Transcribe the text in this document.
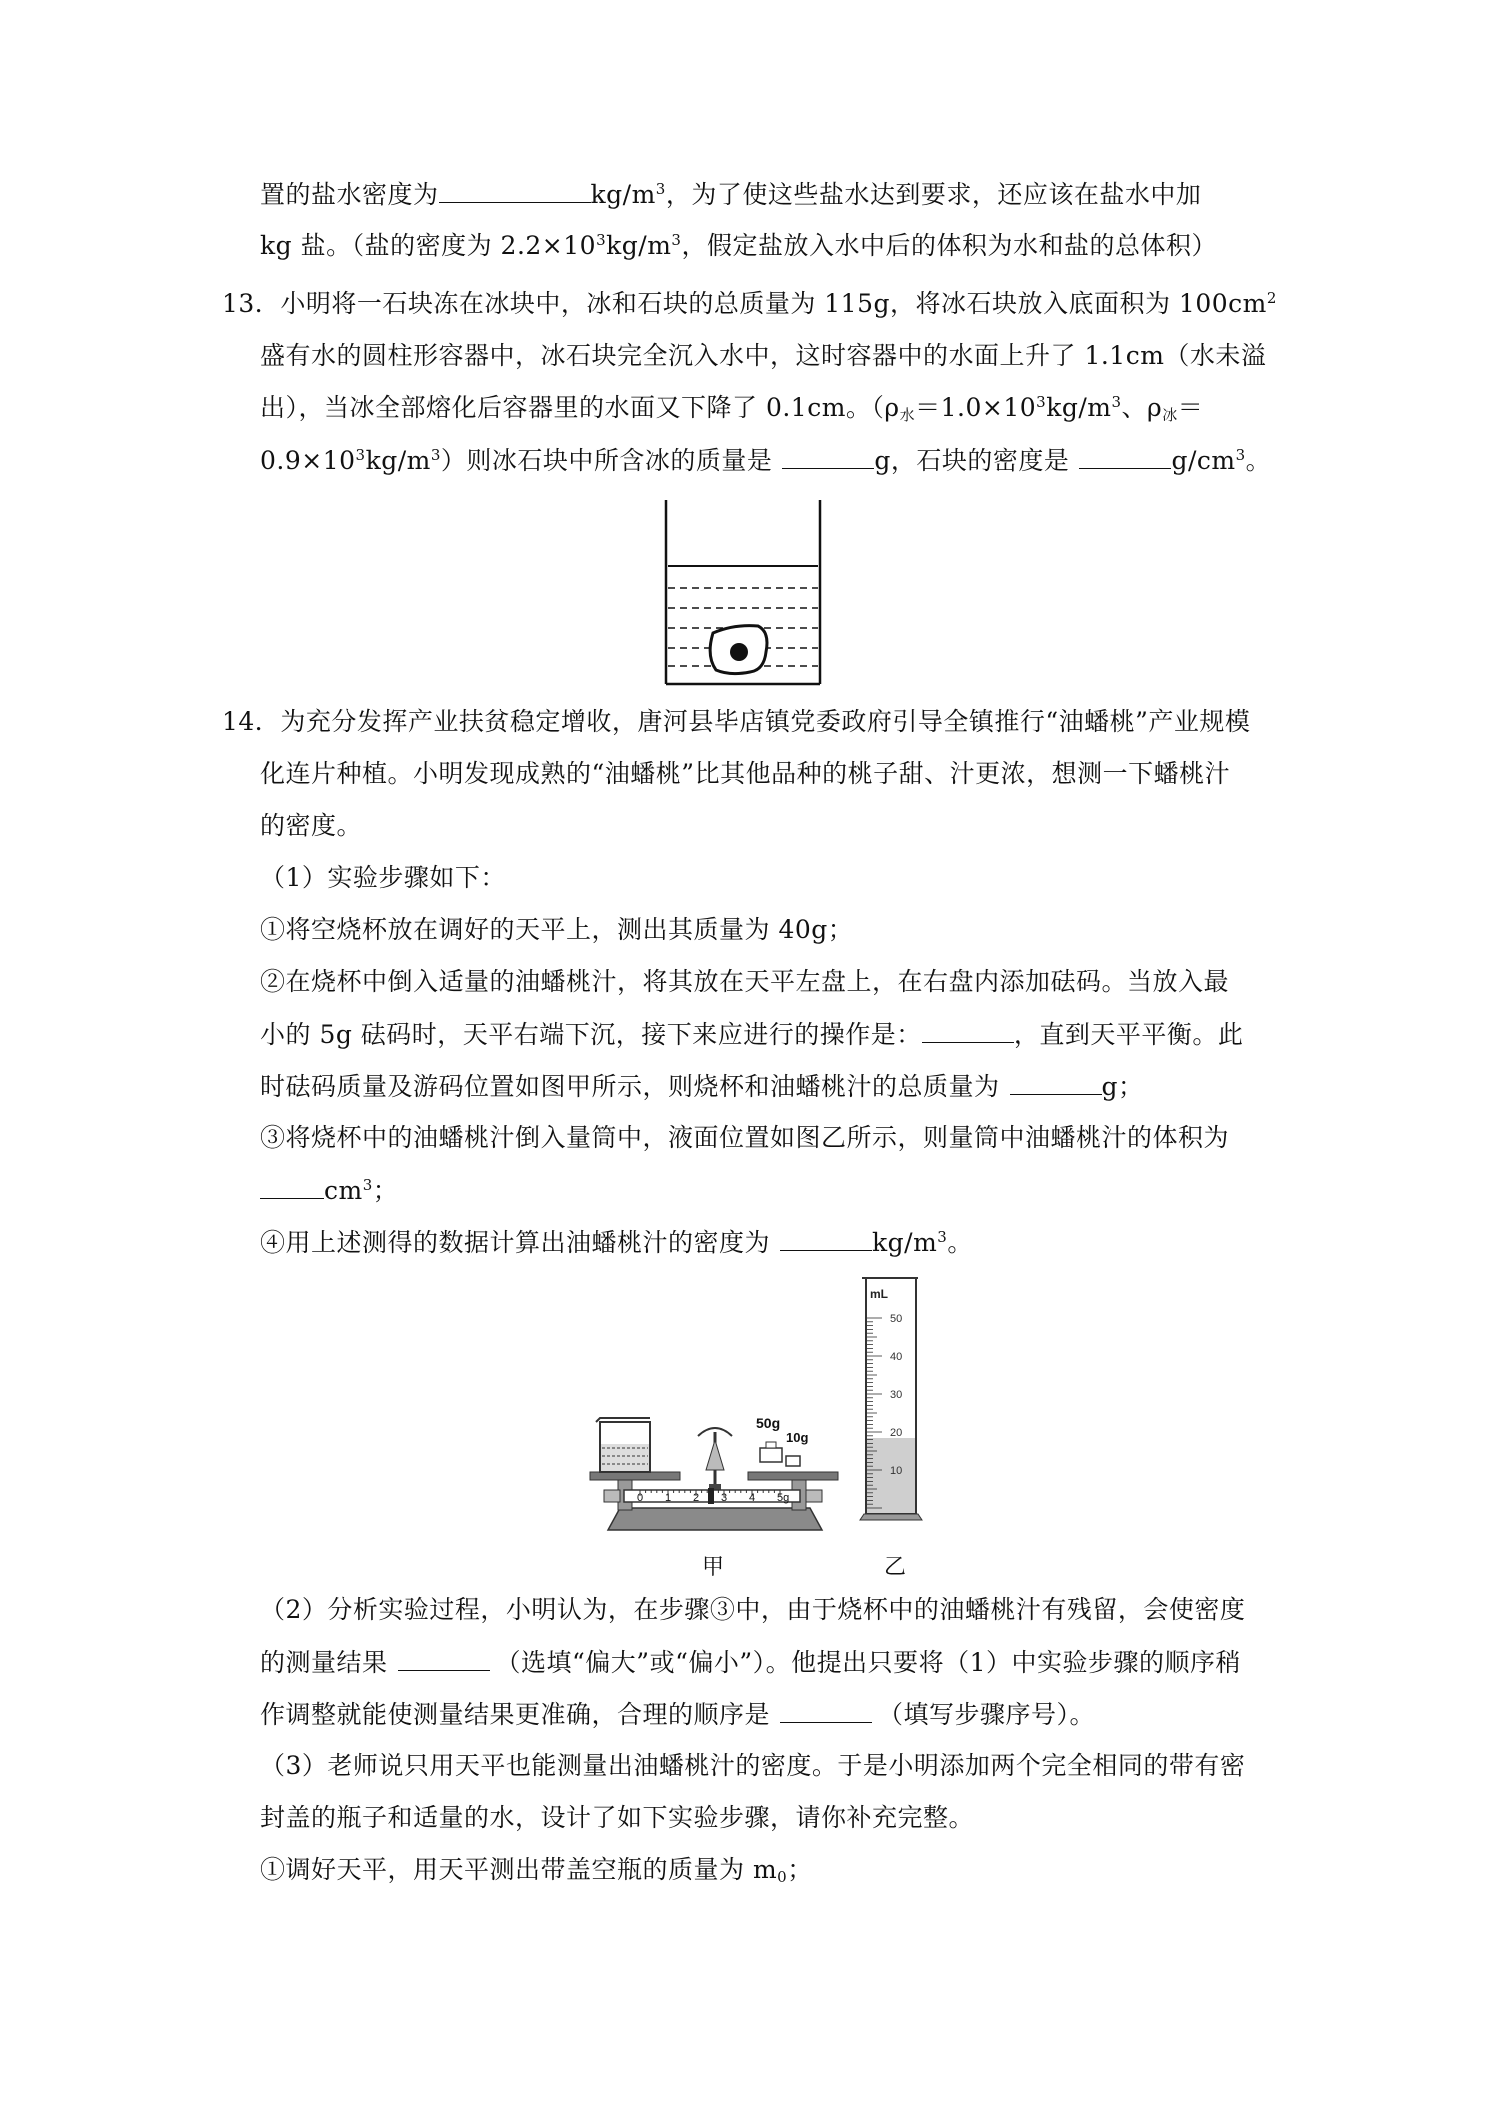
置的盐水密度为	$kg/m^3$，为了使这些盐水达到要求，还应该在盐水中加
kg 盐。（盐的密度为 $2.2\times 10^3kg/m^3$，假定盐放入水中后的体积为水和盐的总体积）
13．小明将一石块冻在冰块中，冰和石块的总质量为 115g，将冰石块放入底面积为 $100cm^2$
盛有水的圆柱形容器中，冰石块完全沉入水中，这时容器中的水面上升了 1.1cm（水未溢
出），当冰全部熔化后容器里的水面又下降了 0.1cm。（$\rho_水=1.0\times 10^3kg/m^3$、$\rho_冰=$
$0.9\times 10^3kg/m^3$）则冰石块中所含冰的质量是	g，石块的密度是	$g/cm^3$。
14．为充分发挥产业扶贫稳定增收，唐河县毕店镇党委政府引导全镇推行“油蟠桃”产业规模
化连片种植。小明发现成熟的“油蟠桃”比其他品种的桃子甜、汁更浓，想测一下蟠桃汁
的密度。
（1）实验步骤如下：
①将空烧杯放在调好的天平上，测出其质量为 40g；
②在烧杯中倒入适量的油蟠桃汁，将其放在天平左盘上，在右盘内添加砝码。当放入最
小的 5g 砝码时，天平右端下沉，接下来应进行的操作是：	，直到天平平衡。此
时砝码质量及游码位置如图甲所示，则烧杯和油蟠桃汁的总质量为	g；
③将烧杯中的油蟠桃汁倒入量筒中，液面位置如图乙所示，则量筒中油蟠桃汁的体积为
$cm^3$；
④用上述测得的数据计算出油蟠桃汁的密度为	$kg/m^3$。
50g
10g
0 1 2 3 4 5g
mL
50
40
30
20
10
甲	乙
（2）分析实验过程，小明认为，在步骤③中，由于烧杯中的油蟠桃汁有残留，会使密度
的测量结果	（选填“偏大”或“偏小”）。他提出只要将（1）中实验步骤的顺序稍
作调整就能使测量结果更准确，合理的顺序是	（填写步骤序号）。
（3）老师说只用天平也能测量出油蟠桃汁的密度。于是小明添加两个完全相同的带有密
封盖的瓶子和适量的水，设计了如下实验步骤，请你补充完整。
①调好天平，用天平测出带盖空瓶的质量为 $m_0$；
